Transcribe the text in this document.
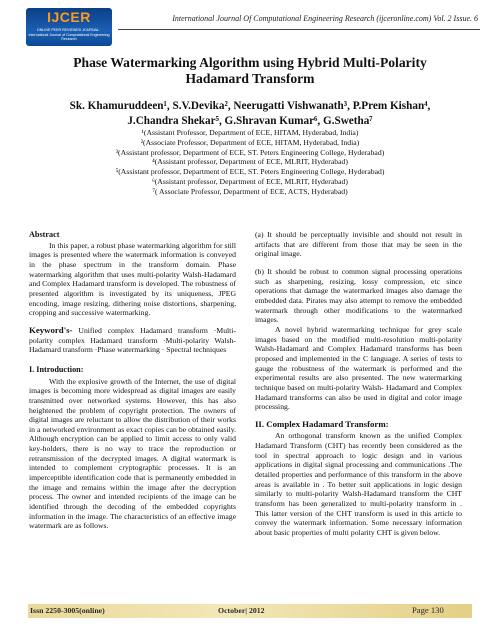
IJCER
ONLINE PEER REVIEWED JOURNAL · International Journal of Computational Engineering Research
International Journal Of Computational Engineering Research (ijceronline.com) Vol. 2 Issue. 6
Phase Watermarking Algorithm using Hybrid Multi-Polarity Hadamard Transform
Sk. Khamuruddeen¹, S.V.Devika², Neerugatti Vishwanath³, P.Prem Kishan⁴,
J.Chandra Shekar⁵, G.Shravan Kumar⁶, G.Swetha⁷
¹(Assistant Professor, Department of ECE, HITAM, Hyderabad, India)
²(Associate Professor, Department of ECE, HITAM, Hyderabad, India)
³(Assistant professor, Department of ECE, ST. Peters Engineering College, Hyderabad)
⁴(Assistant professor, Department of ECE, MLRIT, Hyderabad)
⁵(Assistant professor, Department of ECE, ST. Peters Engineering College, Hyderabad)
⁶(Assistant professor, Department of ECE, MLRIT, Hyderabad)
⁷( Associate Professor, Department of ECE, ACTS, Hyderabad)

Abstract

In this paper, a robust phase watermarking algorithm for still images is presented where the watermark information is conveyed in the phase spectrum in the transform domain. Phase watermarking algorithm that uses multi-polarity Walsh-Hadamard and Complex Hadamard transform is developed. The robustness of presented algorithm is investigated by its uniqueness, JPEG encoding, image resizing, dithering noise distortions, sharpening, cropping and successive watermarking.

Keyword's- Unified complex Hadamard transform ·Multi-polarity complex Hadamard transform ·Multi-polarity Walsh-Hadamard transform ·Phase watermarking · Spectral techniques

I. Introduction:

With the explosive growth of the Internet, the use of digital images is becoming more widespread as digital images are easily transmitted over networked systems. However, this has also heightened the problem of copyright protection. The owners of digital images are reluctant to allow the distribution of their works in a networked environment as exact copies can be obtained easily. Although encryption can be applied to limit access to only valid key-holders, there is no way to trace the reproduction or retransmission of the decrypted images. A digital watermark is intended to complement cryptographic processes. It is an imperceptible identification code that is permanently embedded in the image and remains within the image after the decryption process. The owner and intended recipients of the image can be identified through the decoding of the embedded copyrights information in the image. The characteristics of an effective image watermark are as follows.

(a) It should be perceptually invisible and should not result in artifacts that are different from those that may be seen in the original image.

(b) It should be robust to common signal processing operations such as sharpening, resizing, lossy compression, etc since operations that damage the watermarked images also damage the embedded data. Pirates may also attempt to remove the embedded watermark through other modifications to the watermarked images.

A novel hybrid watermarking technique for grey scale images based on the modified multi-resolution multi-polarity Walsh-Hadamard and Complex Hadamard transforms has been proposed and implemented in the C language. A series of tests to gauge the robustness of the watermark is performed and the experimental results are also presented. The new watermarking technique based on multi-polarity Walsh- Hadamard and Complex Hadamard transforms can also be used in digital and color image processing.

II. Complex Hadamard Transform:

An orthogonal transform known as the unified Complex Hadamard Transform (CHT) has recently been considered as the tool in spectral approach to logic design and in various applications in digital signal processing and communications .The detailed properties and performance of this transform in the above areas is available in . To better suit applications in logic design similarly to multi-polarity Walsh-Hadamard transform the CHT transform has been generalized to multi-polarity transform in . This latter version of the CHT transform is used in this article to convey the watermark information. Some necessary information about basic properties of multi polarity CHT is given below.

Issn 2250-3005(online)	October| 2012	Page 130
